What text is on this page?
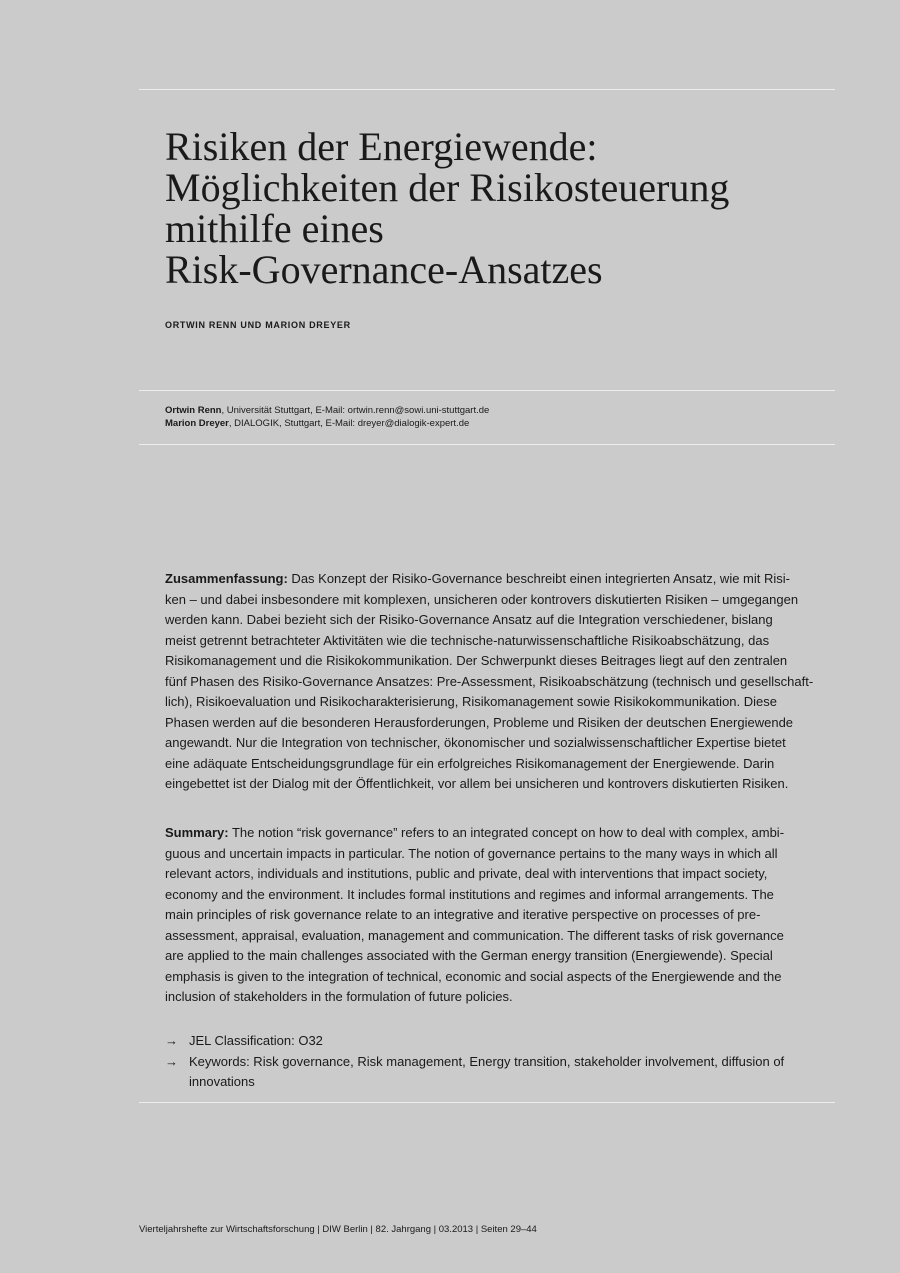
Risiken der Energiewende:
Möglichkeiten der Risikosteuerung
mithilfe eines
Risk-Governance-Ansatzes
ORTWIN RENN UND MARION DREYER
Ortwin Renn, Universität Stuttgart, E-Mail: ortwin.renn@sowi.uni-stuttgart.de
Marion Dreyer, DIALOGIK, Stuttgart, E-Mail: dreyer@dialogik-expert.de
Zusammenfassung: Das Konzept der Risiko-Governance beschreibt einen integrierten Ansatz, wie mit Risi-
ken – und dabei insbesondere mit komplexen, unsicheren oder kontrovers diskutierten Risiken – umgegangen
werden kann. Dabei bezieht sich der Risiko-Governance Ansatz auf die Integration verschiedener, bislang
meist getrennt betrachteter Aktivitäten wie die technische-naturwissenschaftliche Risikoabschätzung, das
Risikomanagement und die Risikokommunikation. Der Schwerpunkt dieses Beitrages liegt auf den zentralen
fünf Phasen des Risiko-Governance Ansatzes: Pre-Assessment, Risikoabschätzung (technisch und gesellschaft-
lich), Risikoevaluation und Risikocharakterisierung, Risikomanagement sowie Risikokommunikation. Diese
Phasen werden auf die besonderen Herausforderungen, Probleme und Risiken der deutschen Energiewende
angewandt. Nur die Integration von technischer, ökonomischer und sozialwissenschaftlicher Expertise bietet
eine adäquate Entscheidungsgrundlage für ein erfolgreiches Risikomanagement der Energiewende. Darin
eingebettet ist der Dialog mit der Öffentlichkeit, vor allem bei unsicheren und kontrovers diskutierten Risiken.
Summary: The notion “risk governance” refers to an integrated concept on how to deal with complex, ambi-
guous and uncertain impacts in particular. The notion of governance pertains to the many ways in which all
relevant actors, individuals and institutions, public and private, deal with interventions that impact society,
economy and the environment. It includes formal institutions and regimes and informal arrangements. The
main principles of risk governance relate to an integrative and iterative perspective on processes of pre-
assessment, appraisal, evaluation, management and communication. The different tasks of risk governance
are applied to the main challenges associated with the German energy transition (Energiewende). Special
emphasis is given to the integration of technical, economic and social aspects of the Energiewende and the
inclusion of stakeholders in the formulation of future policies.
→ JEL Classification: O32
→ Keywords: Risk governance, Risk management, Energy transition, stakeholder involvement, diffusion of
innovations
Vierteljahrshefte zur Wirtschaftsforschung | DIW Berlin | 82. Jahrgang | 03.2013 | Seiten 29–44
